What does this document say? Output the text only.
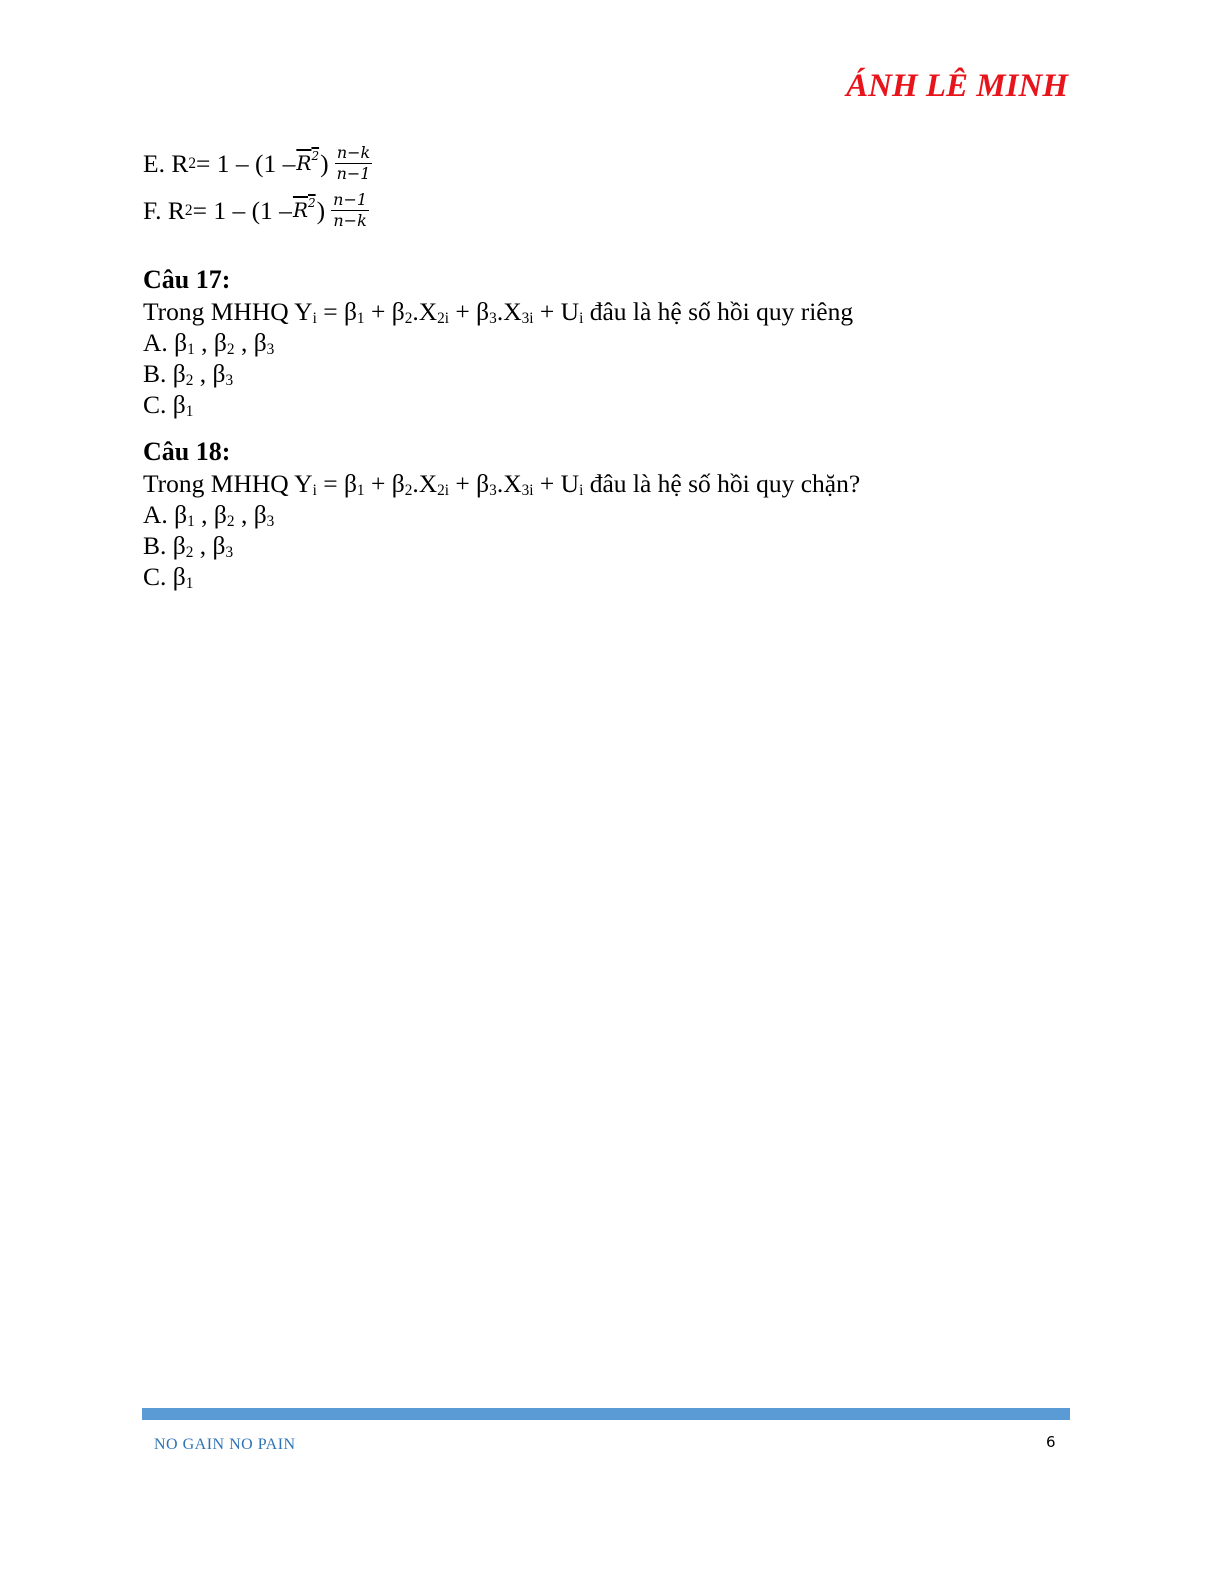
ÁNH LÊ MINH
E. R $2 = 1 - (1 - R^2$ ) $\frac{n-k}{n-1}$
F. R $2 = 1 - (1 - R^2$ ) $\frac{n-1}{n-k}$
Câu 17:
Trong MHHQ $Y_i = \beta_1 + \beta_2.X_{2i} + \beta_3.X_{3i} + U_i$ đâu là hệ số hồi quy riêng
A. $\beta_1$ , $\beta_2$ , $\beta_3$
B. $\beta_2$ , $\beta_3$
C. $\beta_1$
Câu 18:
Trong MHHQ $Y_i = \beta_1 + \beta_2.X_{2i} + \beta_3.X_{3i} + U_i$ đâu là hệ số hồi quy chặn?
A. $\beta_1$ , $\beta_2$ , $\beta_3$
B. $\beta_2$ , $\beta_3$
C. $\beta_1$
NO GAIN NO PAIN	6
